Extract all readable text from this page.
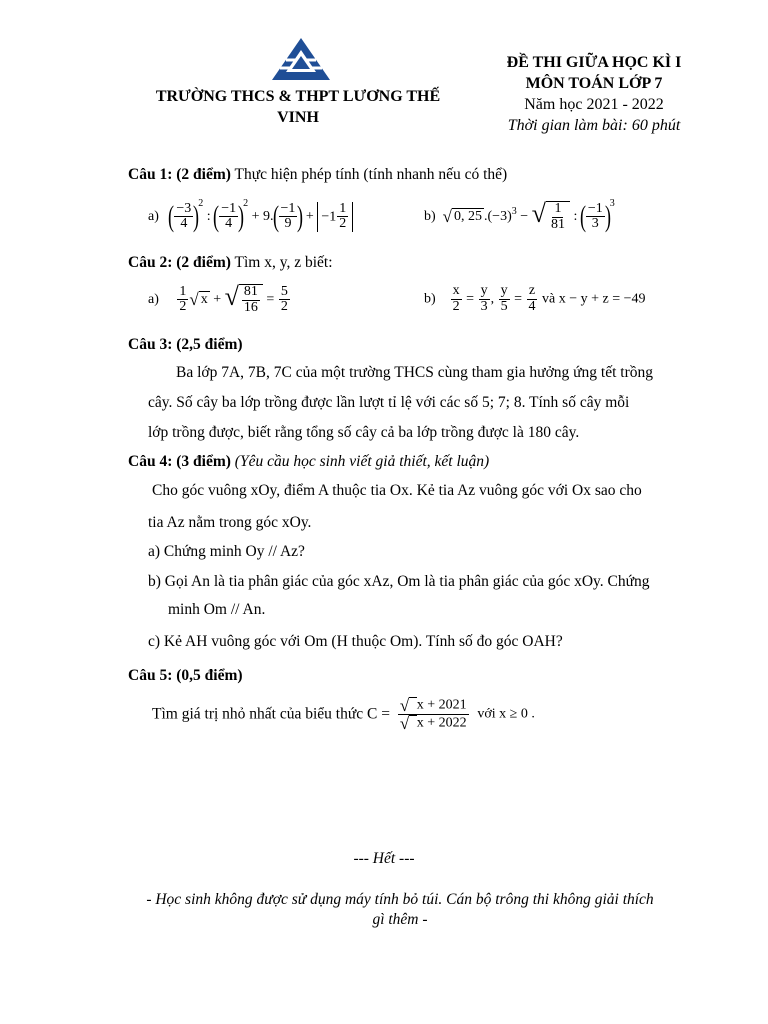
TRƯỜNG THCS & THPT LƯƠNG THẾ VINH
ĐỀ THI GIỮA HỌC KÌ I
MÔN TOÁN LỚP 7
Năm học 2021 - 2022
Thời gian làm bài: 60 phút
Câu 1: (2 điểm) Thực hiện phép tính (tính nhanh nếu có thể)
a) ( $\frac{-3}{4} )^2$ : ( $\frac{-1}{4} )^2 + 9.( \frac{-1}{9}$ ) + $-1 \frac{1}{2}$	b) √ 0, 25 $.(-3)^3$ − √ $\frac{1}{81}$ : ( $\frac{-1}{3} )^3$
Câu 2: (2 điểm) Tìm x, y, z biết:
$a) \frac{1}{2}$ √ x + √ $\frac{81}{16} = \frac{5}{2}$	$b) \frac{x}{2} = \frac{y}{3}$ , $\frac{y}{5} = \frac{z}{4}$ và x − y + z = −49
Câu 3: (2,5 điểm)
Ba lớp 7A, 7B, 7C của một trường THCS cùng tham gia hưởng ứng tết trồng
cây. Số cây ba lớp trồng được lần lượt tỉ lệ với các số 5; 7; 8. Tính số cây mỗi
lớp trồng được, biết rằng tổng số cây cả ba lớp trồng được là 180 cây.
Câu 4: (3 điểm) (Yêu cầu học sinh viết giả thiết, kết luận)
Cho góc vuông xOy, điểm A thuộc tia Ox. Kẻ tia Az vuông góc với Ox sao cho
tia Az nằm trong góc xOy.
a) Chứng minh Oy // Az?
b) Gọi An là tia phân giác của góc xAz, Om là tia phân giác của góc xOy. Chứng
minh Om // An.
c) Kẻ AH vuông góc với Om (H thuộc Om). Tính số đo góc OAH?
Câu 5: (0,5 điểm)
Tìm giá trị nhỏ nhất của biểu thức C = √
x + 2021
√
x + 2022 với x ≥ 0 .
--- Hết ---
- Học sinh không được sử dụng máy tính bỏ túi. Cán bộ trông thi không giải thích
gì thêm -
